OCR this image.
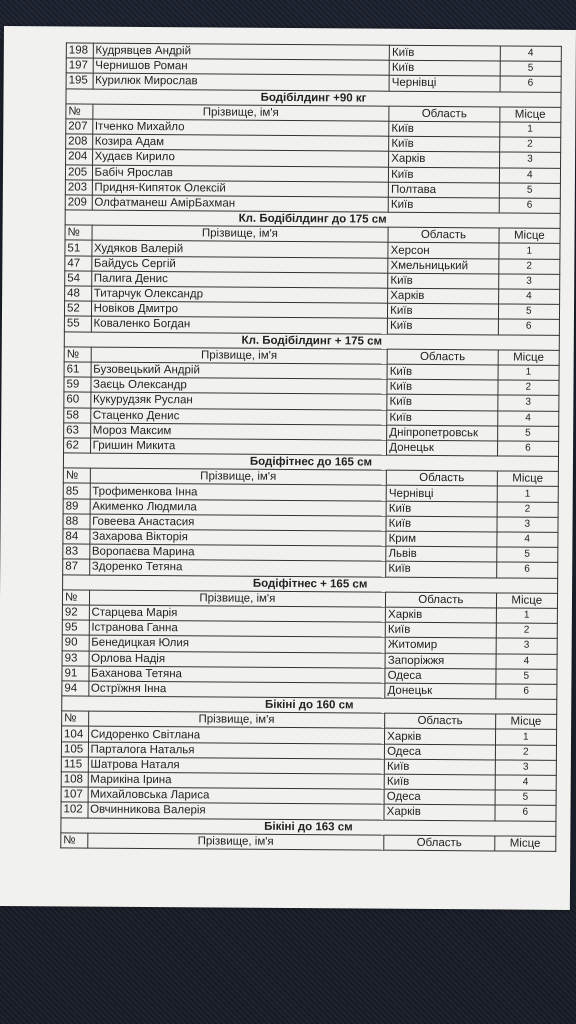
198	Кудрявцев Андрій	Київ	4
197	Чернишов Роман	Київ	5
195	Курилюк Мирослав	Чернівці	6
Бодібілдинг +90 кг			
№	Прізвище, ім'я	Область	Місце
207	Ітченко Михайло	Київ	1
208	Козира Адам	Київ	2
204	Худаєв Кирило	Харків	3
205	Бабіч Ярослав	Київ	4
203	Придня-Кипяток Олексій	Полтава	5
209	Олфатманеш АмірБахман	Київ	6
Кл. Бодібілдинг до 175 см			
№	Прізвище, ім'я	Область	Місце
51	Худяков Валерій	Херсон	1
47	Байдусь Сергій	Хмельницький	2
54	Палига Денис	Київ	3
48	Титарчук Олександр	Харків	4
52	Новіков Дмитро	Київ	5
55	Коваленко Богдан	Київ	6
Кл. Бодібілдинг + 175 см			
№	Прізвище, ім'я	Область	Місце
61	Бузовецький Андрій	Київ	1
59	Заєць Олександр	Київ	2
60	Кукурудзяк Руслан	Київ	3
58	Стаценко Денис	Київ	4
63	Мороз Максим	Дніпропетровськ	5
62	Гришин Микита	Донецьк	6
Бодіфітнес до 165 см			
№	Прізвище, ім'я	Область	Місце
85	Трофименкова Інна	Чернівці	1
89	Акименко Людмила	Київ	2
88	Говеева Анастасия	Київ	3
84	Захарова Вікторія	Крим	4
83	Воропаєва Марина	Львів	5
87	Здоренко Тетяна	Київ	6
Бодіфітнес + 165 см			
№	Прізвище, ім'я	Область	Місце
92	Старцева Марія	Харків	1
95	Істранова Ганна	Київ	2
90	Бенедицкая Юлия	Житомир	3
93	Орлова Надія	Запоріжжя	4
91	Баханова Тетяна	Одеса	5
94	Острїжня Інна	Донецьк	6
Бікіні до 160 см			
№	Прізвище, ім'я	Область	Місце
104	Сидоренко Світлана	Харків	1
105	Парталога Наталья	Одеса	2
115	Шатрова Наталя	Київ	3
108	Марикіна Ірина	Київ	4
107	Михайловська Лариса	Одеса	5
102	Овчинникова Валерія	Харків	6
Бікіні до 163 см			
№	Прізвище, ім'я	Область	Місце
